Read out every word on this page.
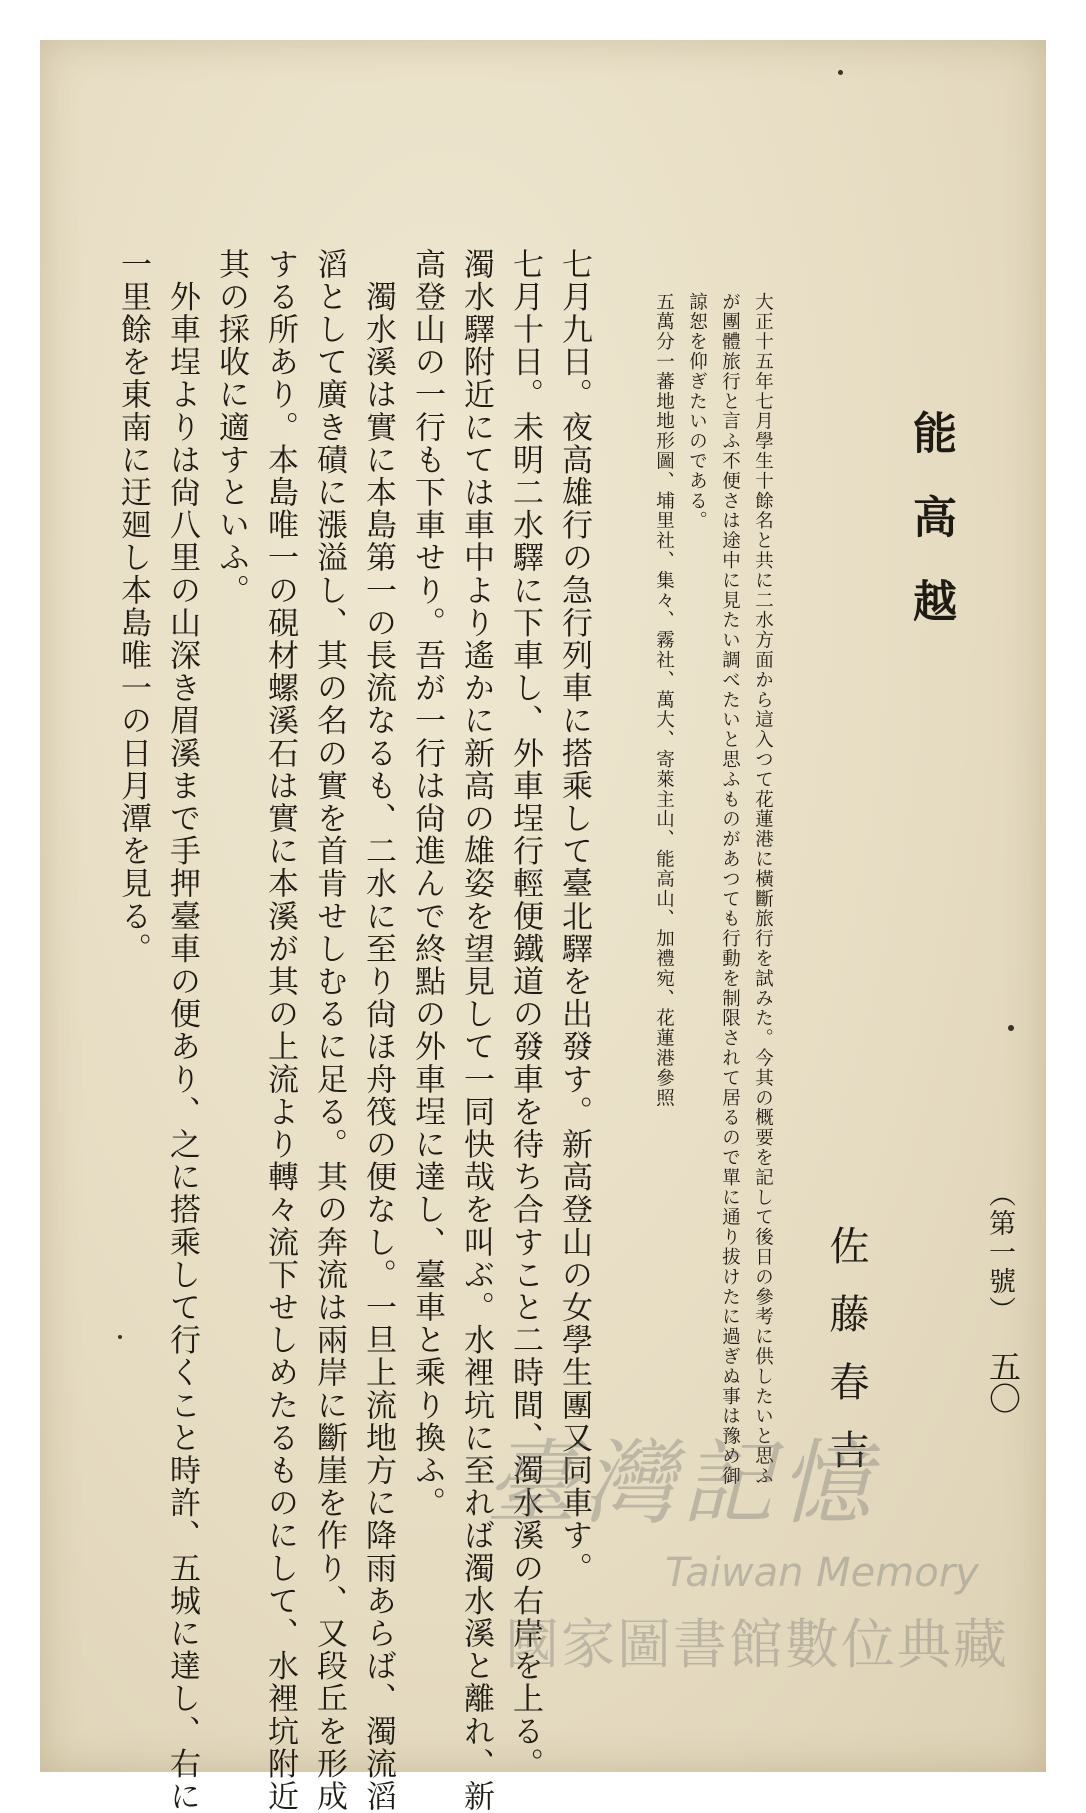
能高越
（第一號）
五〇
佐藤春吉
大正十五年七月學生十餘名と共に二水方面から這入つて花蓮港に橫斷旅行を試みた。今其の概要を記して後日の參考に供したいと思ふ
が團體旅行と言ふ不便さは途中に見たい調べたいと思ふものがあつても行動を制限されて居るので單に通り拔けたに過ぎぬ事は豫め御
諒恕を仰ぎたいのである。
五萬分一蕃地地形圖、埔里社、集々、霧社、萬大、寄萊主山、能高山、加禮宛、花蓮港參照
七月九日。夜高雄行の急行列車に搭乘して臺北驛を出發す。新高登山の女學生團又同車す。
七月十日。未明二水驛に下車し、外車埕行輕便鐵道の發車を待ち合すこと二時間、濁水溪の右岸を上る。
濁水驛附近にては車中より遙かに新高の雄姿を望見して一同快哉を叫ぶ。水裡坑に至れば濁水溪と離れ、新
高登山の一行も下車せり。吾が一行は尙進んで終點の外車埕に達し、臺車と乘り換ふ。
　濁水溪は實に本島第一の長流なるも、二水に至り尙ほ舟筏の便なし。一旦上流地方に降雨あらば、濁流滔
滔として廣き磧に漲溢し、其の名の實を首肯せしむるに足る。其の奔流は兩岸に斷崖を作り、又段丘を形成
する所あり。本島唯一の硯材螺溪石は實に本溪が其の上流より轉々流下せしめたるものにして、水裡坑附近
其の採收に適すといふ。
　外車埕よりは尙八里の山深き眉溪まで手押臺車の便あり、之に搭乘して行くこと時許、五城に達し、右に
一里餘を東南に迂廻し本島唯一の日月潭を見る。
臺灣記憶
Taiwan Memory
國家圖書館數位典藏
